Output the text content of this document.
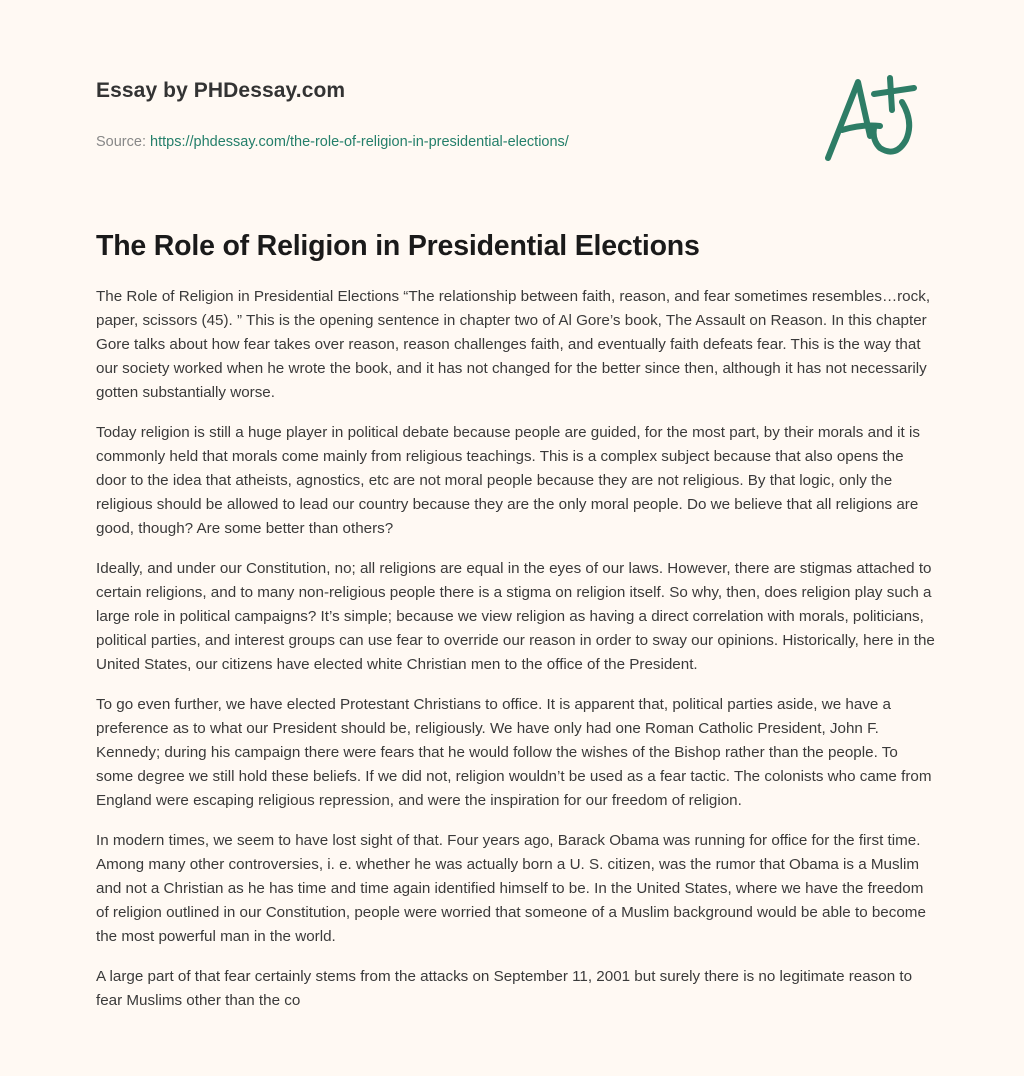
Essay by PHDessay.com
Source: https://phdessay.com/the-role-of-religion-in-presidential-elections/
The Role of Religion in Presidential Elections

The Role of Religion in Presidential Elections “The relationship between faith, reason, and fear sometimes resembles…rock, paper, scissors (45). ” This is the opening sentence in chapter two of Al Gore’s book, The Assault on Reason. In this chapter Gore talks about how fear takes over reason, reason challenges faith, and eventually faith defeats fear. This is the way that our society worked when he wrote the book, and it has not changed for the better since then, although it has not necessarily gotten substantially worse.

Today religion is still a huge player in political debate because people are guided, for the most part, by their morals and it is commonly held that morals come mainly from religious teachings. This is a complex subject because that also opens the door to the idea that atheists, agnostics, etc are not moral people because they are not religious. By that logic, only the religious should be allowed to lead our country because they are the only moral people. Do we believe that all religions are good, though? Are some better than others?

Ideally, and under our Constitution, no; all religions are equal in the eyes of our laws. However, there are stigmas attached to certain religions, and to many non-religious people there is a stigma on religion itself. So why, then, does religion play such a large role in political campaigns? It’s simple; because we view religion as having a direct correlation with morals, politicians, political parties, and interest groups can use fear to override our reason in order to sway our opinions. Historically, here in the United States, our citizens have elected white Christian men to the office of the President.

To go even further, we have elected Protestant Christians to office. It is apparent that, political parties aside, we have a preference as to what our President should be, religiously. We have only had one Roman Catholic President, John F. Kennedy; during his campaign there were fears that he would follow the wishes of the Bishop rather than the people. To some degree we still hold these beliefs. If we did not, religion wouldn’t be used as a fear tactic. The colonists who came from England were escaping religious repression, and were the inspiration for our freedom of religion.

In modern times, we seem to have lost sight of that. Four years ago, Barack Obama was running for office for the first time. Among many other controversies, i. e. whether he was actually born a U. S. citizen, was the rumor that Obama is a Muslim and not a Christian as he has time and time again identified himself to be. In the United States, where we have the freedom of religion outlined in our Constitution, people were worried that someone of a Muslim background would be able to become the most powerful man in the world.

A large part of that fear certainly stems from the attacks on September 11, 2001 but surely there is no legitimate reason to fear Muslims other than the co
